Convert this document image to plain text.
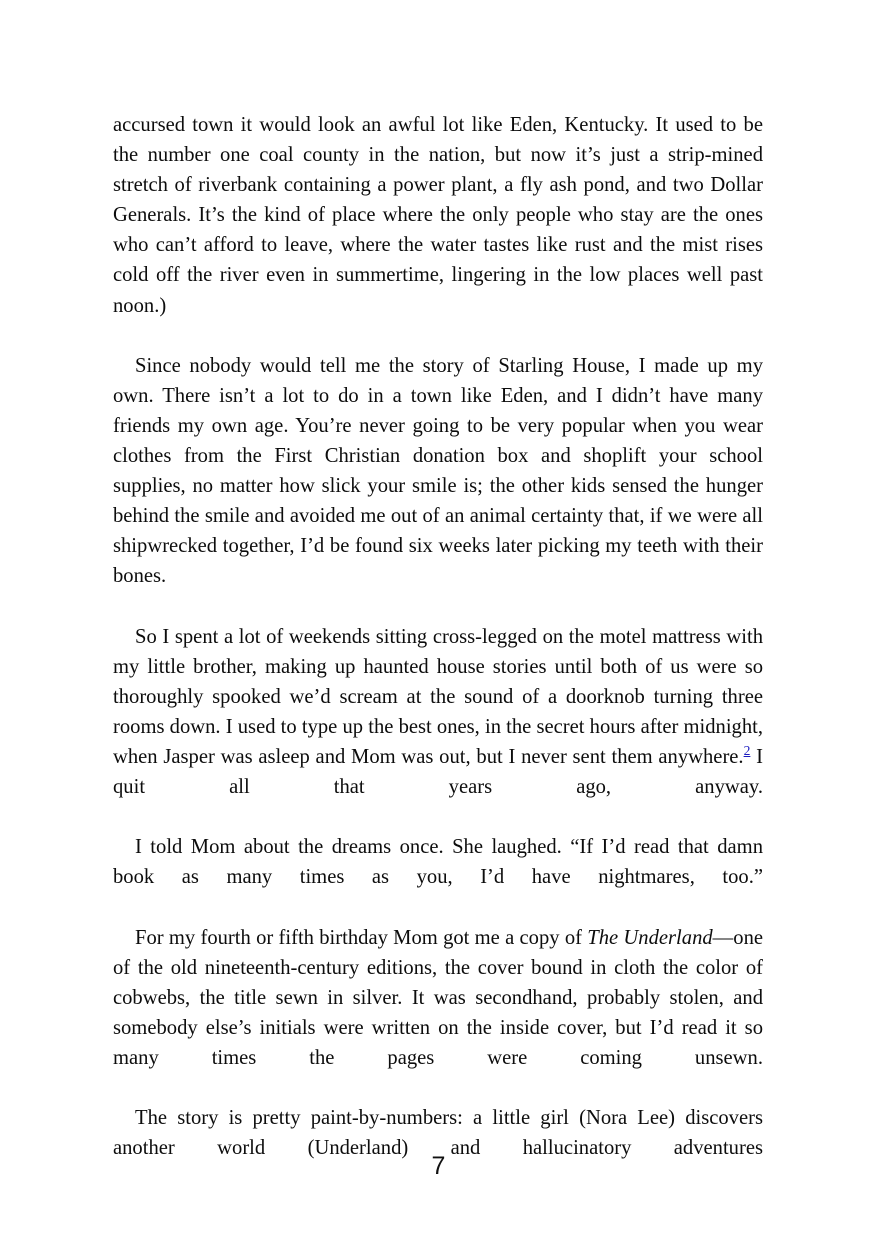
accursed town it would look an awful lot like Eden, Kentucky. It used to be the number one coal county in the nation, but now it’s just a strip-mined stretch of riverbank containing a power plant, a fly ash pond, and two Dollar Generals. It’s the kind of place where the only people who stay are the ones who can’t afford to leave, where the water tastes like rust and the mist rises cold off the river even in summertime, lingering in the low places well past noon.)

Since nobody would tell me the story of Starling House, I made up my own. There isn’t a lot to do in a town like Eden, and I didn’t have many friends my own age. You’re never going to be very popular when you wear clothes from the First Christian donation box and shoplift your school supplies, no matter how slick your smile is; the other kids sensed the hunger behind the smile and avoided me out of an animal certainty that, if we were all shipwrecked together, I’d be found six weeks later picking my teeth with their bones.

So I spent a lot of weekends sitting cross-legged on the motel mattress with my little brother, making up haunted house stories until both of us were so thoroughly spooked we’d scream at the sound of a doorknob turning three rooms down. I used to type up the best ones, in the secret hours after midnight, when Jasper was asleep and Mom was out, but I never sent them anywhere.$^2$ I quit all that years ago, anyway.

I told Mom about the dreams once. She laughed. “If I’d read that damn book as many times as you, I’d have nightmares, too.”

For my fourth or fifth birthday Mom got me a copy of The Underland—one of the old nineteenth-century editions, the cover bound in cloth the color of cobwebs, the title sewn in silver. It was secondhand, probably stolen, and somebody else’s initials were written on the inside cover, but I’d read it so many times the pages were coming unsewn.

The story is pretty paint-by-numbers: a little girl (Nora Lee) discovers another world (Underland) and hallucinatory adventures

7
